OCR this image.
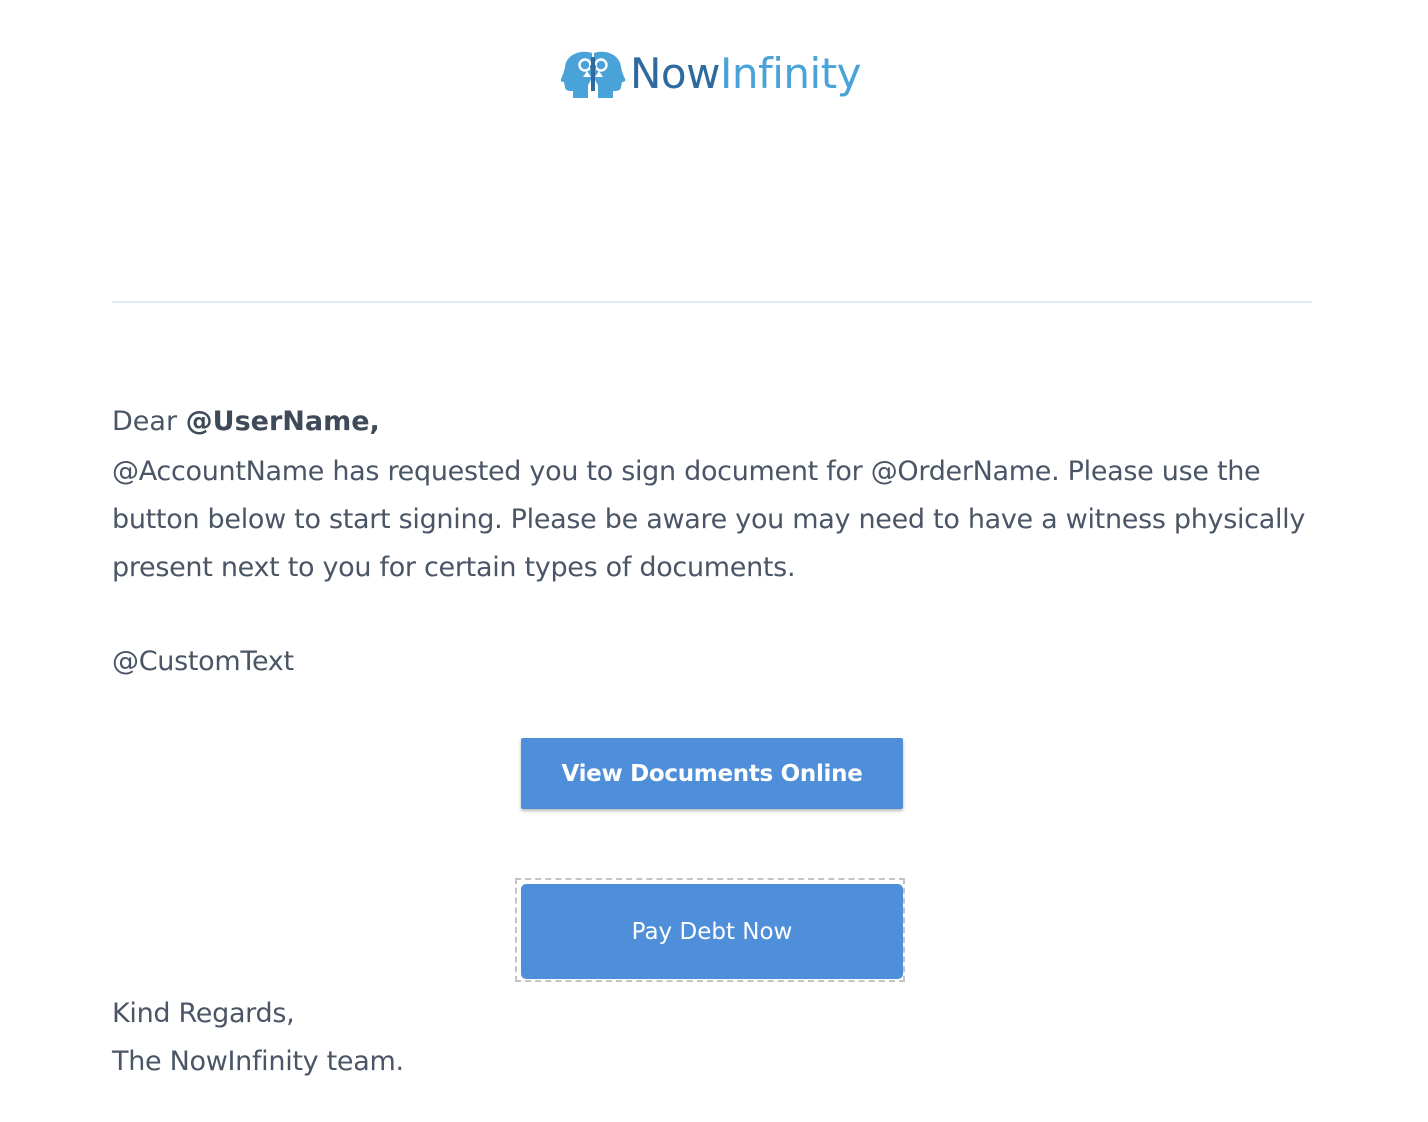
NowInfinity
Dear @UserName,

@AccountName has requested you to sign document for @OrderName. Please use the button below to start signing. Please be aware you may need to have a witness physically present next to you for certain types of documents.

@CustomText
View Documents Online
Pay Debt Now
Kind Regards,
The NowInfinity team.
